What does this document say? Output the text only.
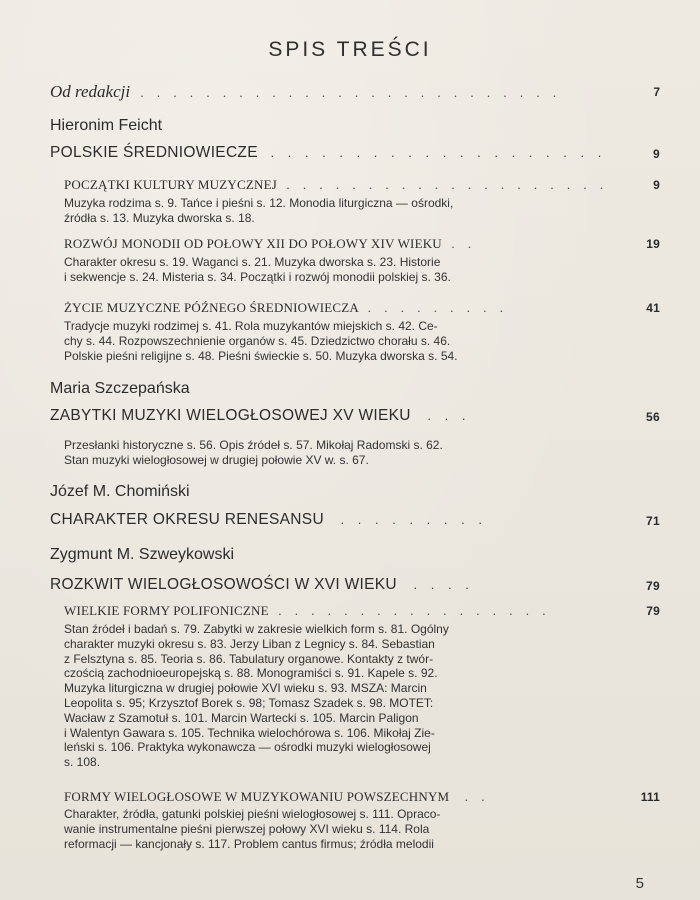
SPIS TREŚCI
Od redakcji . . . . . . . . . . . . . . . . . . . . . . . . . .	7
Hieronim Feicht
POLSKIE ŚREDNIOWIECZE . . . . . . . . . . . . . . . . . . . .	9
POCZĄTKI KULTURY MUZYCZNEJ . . . . . . . . . . . . . . . . . . . .	9
Muzyka rodzima s. 9. Tańce i pieśni s. 12. Monodia liturgiczna — ośrodki,
źródła s. 13. Muzyka dworska s. 18.
ROZWÓJ MONODII OD POŁOWY XII DO POŁOWY XIV WIEKU . .	19
Charakter okresu s. 19. Waganci s. 21. Muzyka dworska s. 23. Historie
i sekwencje s. 24. Misteria s. 34. Początki i rozwój monodii polskiej s. 36.
ŻYCIE MUZYCZNE PÓŹNEGO ŚREDNIOWIECZA . . . . . . . . .	41
Tradycje muzyki rodzimej s. 41. Rola muzykantów miejskich s. 42. Ce-
chy s. 44. Rozpowszechnienie organów s. 45. Dziedzictwo chorału s. 46.
Polskie pieśni religijne s. 48. Pieśni świeckie s. 50. Muzyka dworska s. 54.
Maria Szczepańska
ZABYTKI MUZYKI WIELOGŁOSOWEJ XV WIEKU . . .	56
Przesłanki historyczne s. 56. Opis źródeł s. 57. Mikołaj Radomski s. 62.
Stan muzyki wielogłosowej w drugiej połowie XV w. s. 67.
Józef M. Chomiński
CHARAKTER OKRESU RENESANSU . . . . . . . . .	71
Zygmunt M. Szweykowski
ROZKWIT WIELOGŁOSOWOŚCI W XVI WIEKU . . . .	79
WIELKIE FORMY POLIFONICZNE . . . . . . . . . . . . . . . . .	79
Stan źródeł i badań s. 79. Zabytki w zakresie wielkich form s. 81. Ogólny
charakter muzyki okresu s. 83. Jerzy Liban z Legnicy s. 84. Sebastian
z Felsztyna s. 85. Teoria s. 86. Tabulatury organowe. Kontakty z twór-
czością zachodnioeuropejską s. 88. Monogramiści s. 91. Kapele s. 92.
Muzyka liturgiczna w drugiej połowie XVI wieku s. 93. MSZA: Marcin
Leopolita s. 95; Krzysztof Borek s. 98; Tomasz Szadek s. 98. MOTET:
Wacław z Szamotuł s. 101. Marcin Wartecki s. 105. Marcin Paligon
i Walentyn Gawara s. 105. Technika wielochórowa s. 106. Mikołaj Zie-
leński s. 106. Praktyka wykonawcza — ośrodki muzyki wielogłosowej
s. 108.
FORMY WIELOGŁOSOWE W MUZYKOWANIU POWSZECHNYM . .	111
Charakter, źródła, gatunki polskiej pieśni wielogłosowej s. 111. Opraco-
wanie instrumentalne pieśni pierwszej połowy XVI wieku s. 114. Rola
reformacji — kancjonały s. 117. Problem cantus firmus; źródła melodii
5
